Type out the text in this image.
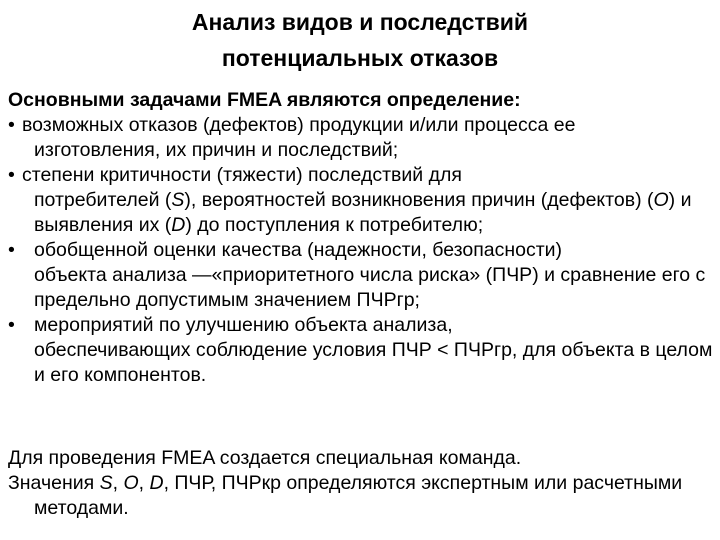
Анализ видов и последствий
потенциальных отказов

Основными задачами FMEA являются определение:

• возможных отказов (дефектов) продукции и/или процесса ее
изготовления, их причин и последствий;
• степени критичности (тяжести) последствий для
потребителей (S), вероятностей возникновения причин (дефектов) (O) и выявления их (D) до поступления к потребителю;
• обобщенной оценки качества (надежности, безопасности)
объекта анализа —«приоритетного числа риска» (ПЧР) и сравнение его с предельно допустимым значением ПЧРгр;
• мероприятий по улучшению объекта анализа,
обеспечивающих соблюдение условия ПЧР < ПЧРгр, для объекта в целом и его компонентов.

Для проведения FMEA создается специальная команда.

Значения S, O, D, ПЧР, ПЧРкр определяются экспертным или расчетными методами.
